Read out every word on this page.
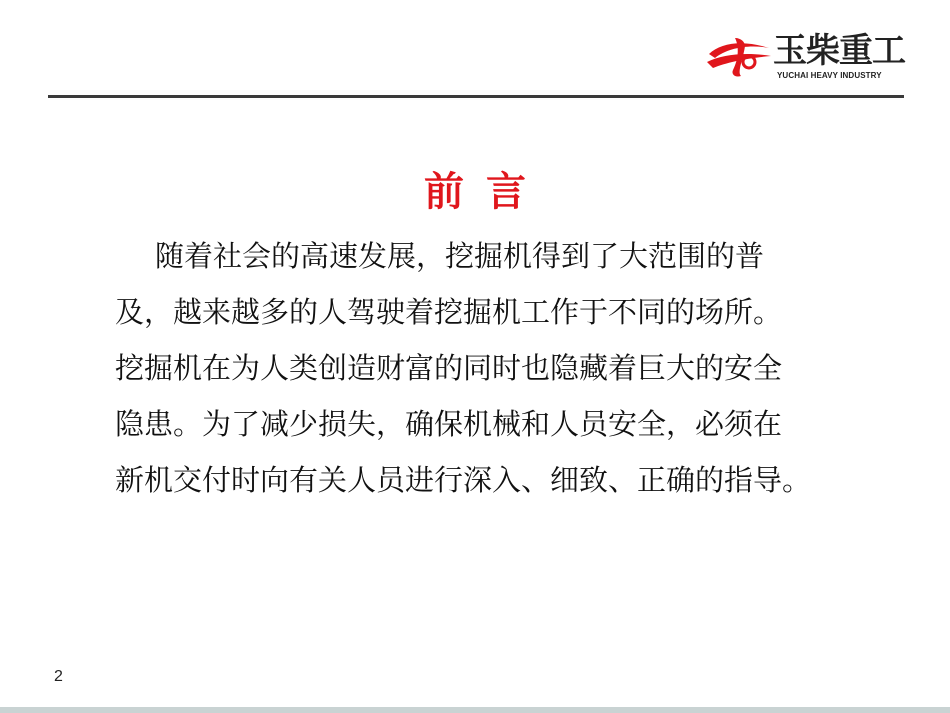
玉柴重工
YUCHAI HEAVY INDUSTRY
前言
随着社会的高速发展，挖掘机得到了大范围的普
及，越来越多的人驾驶着挖掘机工作于不同的场所。
挖掘机在为人类创造财富的同时也隐藏着巨大的安全
隐患。为了减少损失，确保机械和人员安全，必须在
新机交付时向有关人员进行深入、细致、正确的指导。
2
